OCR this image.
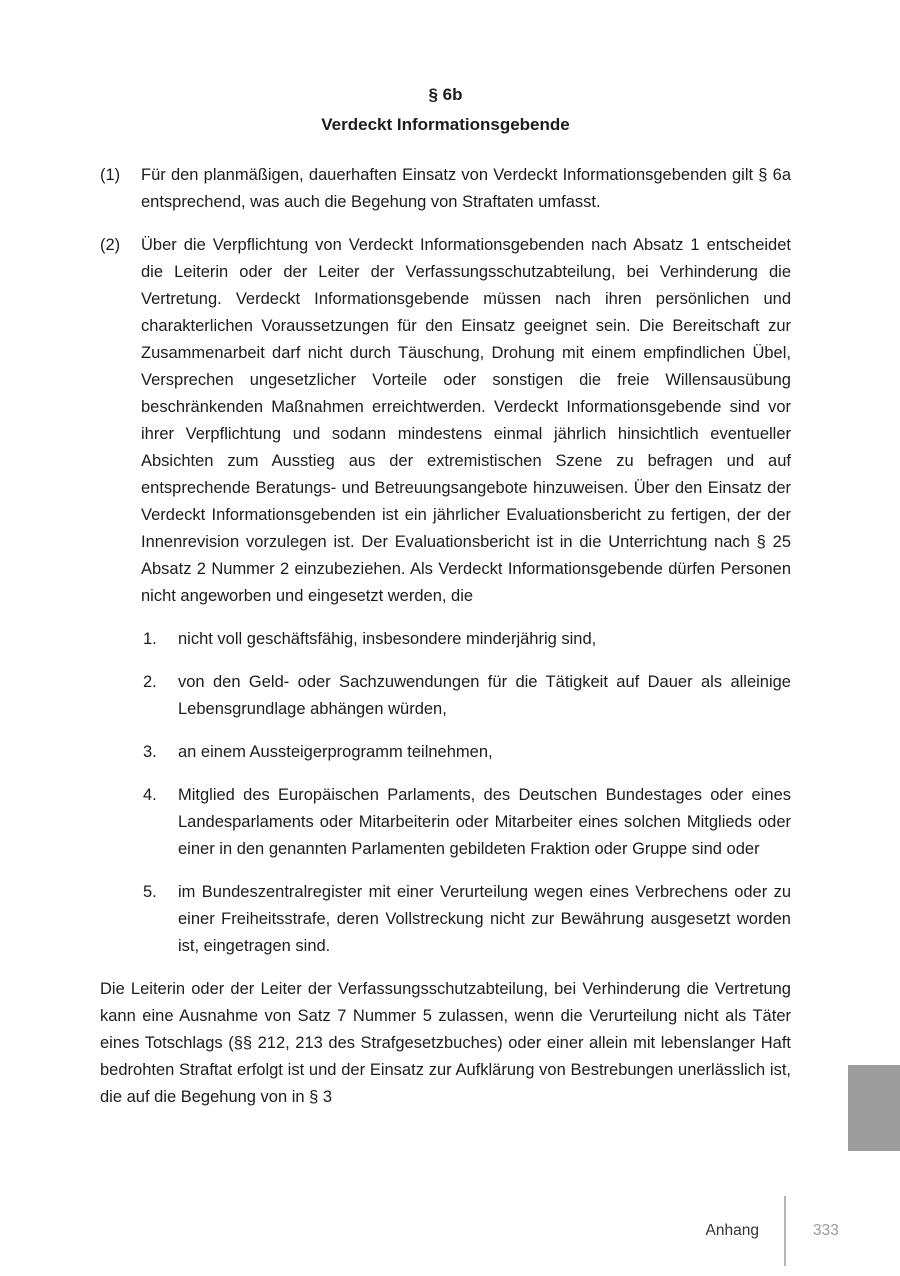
§ 6b
Verdeckt Informationsgebende
(1)	Für den planmäßigen, dauerhaften Einsatz von Verdeckt Informationsgebenden gilt § 6a entsprechend, was auch die Begehung von Straftaten umfasst.
(2)	Über die Verpflichtung von Verdeckt Informationsgebenden nach Absatz 1 entscheidet die Leiterin oder der Leiter der Verfassungsschutzabteilung, bei Verhinderung die Vertretung. Verdeckt Informationsgebende müssen nach ihren persönlichen und charakterlichen Voraussetzungen für den Einsatz geeignet sein. Die Bereitschaft zur Zusammenarbeit darf nicht durch Täuschung, Drohung mit einem empfindlichen Übel, Versprechen ungesetzlicher Vorteile oder sonstigen die freie Willensausübung beschränkenden Maßnahmen erreichtwerden. Verdeckt Informationsgebende sind vor ihrer Verpflichtung und sodann mindestens einmal jährlich hinsichtlich eventueller Absichten zum Ausstieg aus der extremistischen Szene zu befragen und auf entsprechende Beratungs- und Betreuungsangebote hinzuweisen. Über den Einsatz der Verdeckt Informationsgebenden ist ein jährlicher Evaluationsbericht zu fertigen, der der Innenrevision vorzulegen ist. Der Evaluationsbericht ist in die Unterrichtung nach § 25 Absatz 2 Nummer 2 einzubeziehen. Als Verdeckt Informationsgebende dürfen Personen nicht angeworben und eingesetzt werden, die
1.	nicht voll geschäftsfähig, insbesondere minderjährig sind,
2.	von den Geld- oder Sachzuwendungen für die Tätigkeit auf Dauer als alleinige Lebensgrundlage abhängen würden,
3.	an einem Aussteigerprogramm teilnehmen,
4.	Mitglied des Europäischen Parlaments, des Deutschen Bundestages oder eines Landesparlaments oder Mitarbeiterin oder Mitarbeiter eines solchen Mitglieds oder einer in den genannten Parlamenten gebildeten Fraktion oder Gruppe sind oder
5.	im Bundeszentralregister mit einer Verurteilung wegen eines Verbrechens oder zu einer Freiheitsstrafe, deren Vollstreckung nicht zur Bewährung ausgesetzt worden ist, eingetragen sind.
Die Leiterin oder der Leiter der Verfassungsschutzabteilung, bei Verhinderung die Vertretung kann eine Ausnahme von Satz 7 Nummer 5 zulassen, wenn die Verurteilung nicht als Täter eines Totschlags (§§ 212, 213 des Strafgesetzbuches) oder einer allein mit lebenslanger Haft bedrohten Straftat erfolgt ist und der Einsatz zur Aufklärung von Bestrebungen unerlässlich ist, die auf die Begehung von in § 3
Anhang	333
